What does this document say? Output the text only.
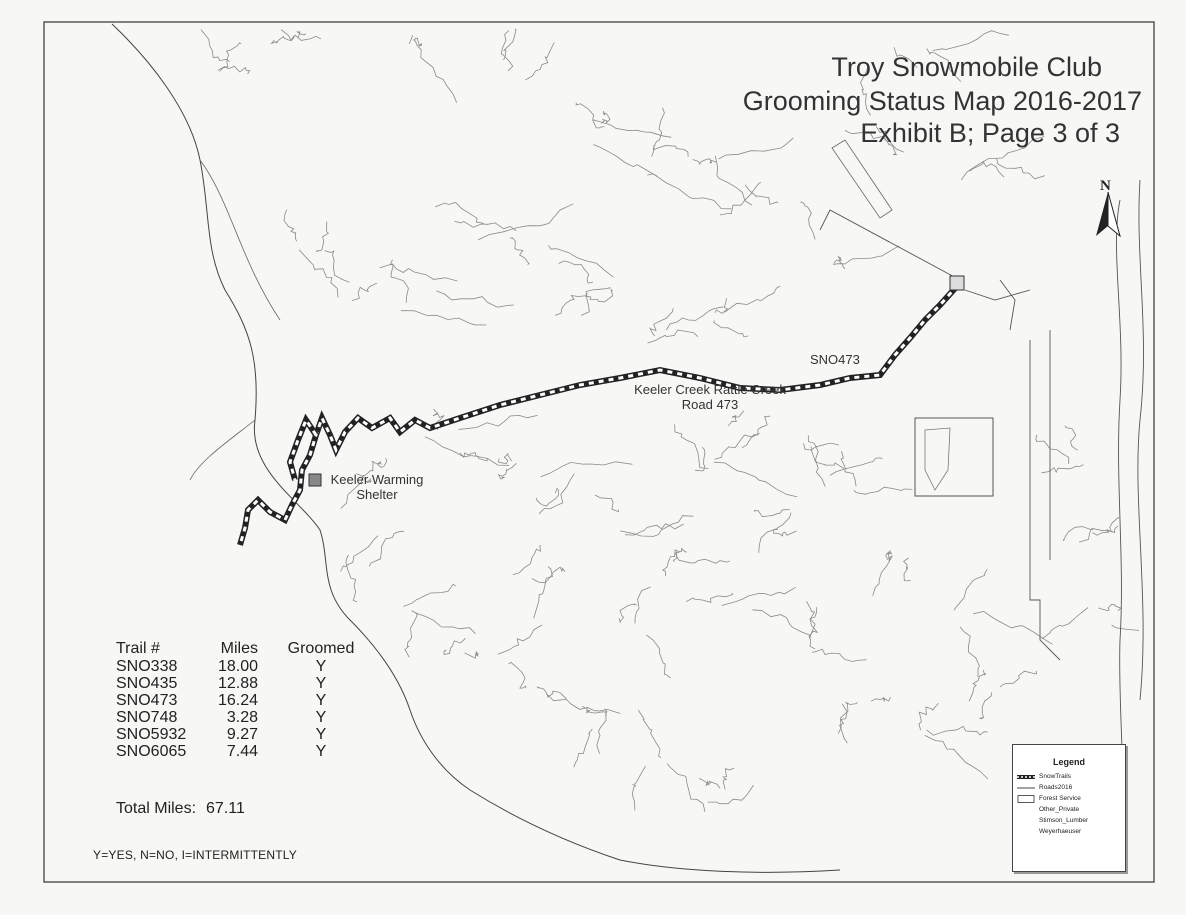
Troy Snowmobile Club
Grooming Status Map 2016-2017
Exhibit B; Page 3 of 3
N
SNO473
Keeler Creek Rattle Creek
Road 473
Keeler Warming
Shelter
Trail #	Miles	Groomed
SNO338	18.00	Y
SNO435	12.88	Y
SNO473	16.24	Y
SNO748	3.28	Y
SNO5932	9.27	Y
SNO6065	7.44	Y
Total Miles: 67.11
Y=YES, N=NO, I=INTERMITTENTLY
Legend
SnowTrails
Roads2016
Forest Service
Other_Private
Stimson_Lumber
Weyerhaeuser
